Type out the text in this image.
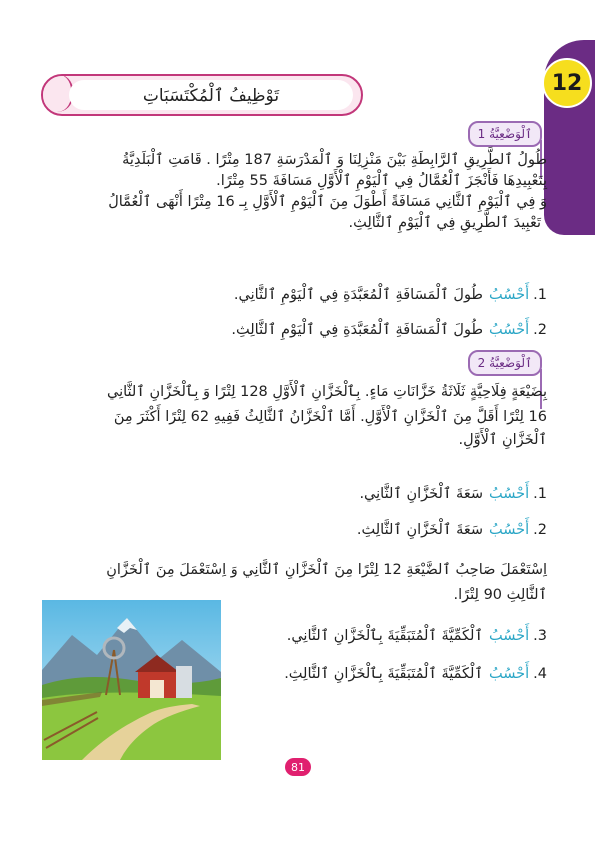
12
تَوْظِيفُ ٱلْمُكْتَسَبَاتِ
ٱلْوَضْعِيَّةُ 1
طُولُ ٱلطَّرِيقِ ٱلرَّابِطَةِ بَيْنَ مَنْزِلِنَا وَ ٱلْمَدْرَسَةِ 187 مِتْرًا . قَامَتِ ٱلْبَلَدِيَّةُ
بِتَعْبِيدِهَا فَأَنْجَزَ ٱلْعُمَّالُ فِي ٱلْيَوْمِ ٱلْأَوَّلِ مَسَافَةَ 55 مِتْرًا.
وَ فِي ٱلْيَوْمِ ٱلثَّانِي مَسَافَةً أَطْوَلَ مِنَ ٱلْيَوْمِ ٱلْأَوَّلِ بِـ 16 مِتْرًا أَنْهَى ٱلْعُمَّالُ
تَعْبِيدَ ٱلطَّرِيقِ فِي ٱلْيَوْمِ ٱلثَّالِثِ.
1.
أَحْسُبُ
طُولَ ٱلْمَسَافَةِ ٱلْمُعَبَّدَةِ فِي ٱلْيَوْمِ ٱلثَّانِي.
2.
أَحْسُبُ
طُولَ ٱلْمَسَافَةِ ٱلْمُعَبَّدَةِ فِي ٱلْيَوْمِ ٱلثَّالِثِ.
ٱلْوَضْعِيَّةُ 2
بِضَيْعَةٍ فِلَاحِيَّةٍ ثَلَاثَةُ خَزَّانَاتِ مَاءٍ. بِٱلْخَزَّانِ ٱلْأَوَّلِ 128 لِتْرًا وَ بِٱلْخَزَّانِ ٱلثَّانِي
16 لِتْرًا أَقَلَّ مِنَ ٱلْخَزَّانِ ٱلْأَوَّلِ. أَمَّا ٱلْخَزَّانُ ٱلثَّالِثُ فَفِيهِ 62 لِتْرًا أَكْثَرَ مِنَ
ٱلْخَزَّانِ ٱلْأَوَّلِ.
1.
أَحْسُبُ
سَعَةَ ٱلْخَزَّانِ ٱلثَّانِي.
2.
أَحْسُبُ
سَعَةَ ٱلْخَزَّانِ ٱلثَّالِثِ.
اِسْتَعْمَلَ صَاحِبُ ٱلضَّيْعَةِ 12 لِتْرًا مِنَ ٱلْخَزَّانِ ٱلثَّانِي وَ اِسْتَعْمَلَ مِنَ ٱلْخَزَّانِ
ٱلثَّالِثِ 90 لِتْرًا.
3.
أَحْسُبُ
ٱلْكَمِّيَّةَ ٱلْمُتَبَقِّيَةَ بِٱلْخَزَّانِ ٱلثَّانِي.
4.
أَحْسُبُ
ٱلْكَمِّيَّةَ ٱلْمُتَبَقِّيَةَ بِٱلْخَزَّانِ ٱلثَّالِثِ.
81
